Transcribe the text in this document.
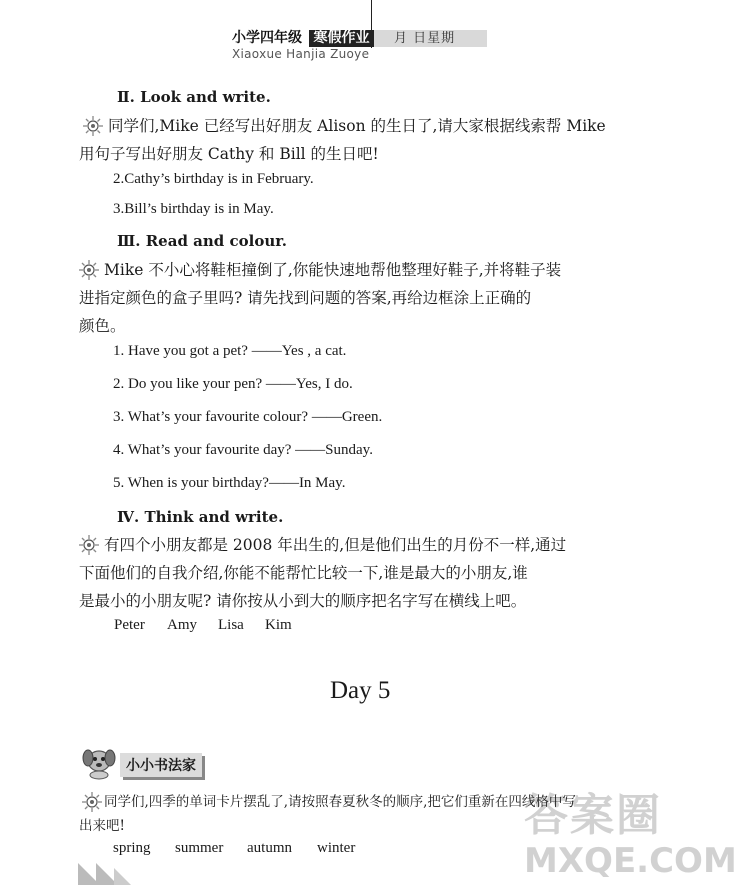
小学四年级 寒假作业	月 日星期
Xiaoxue Hanjia Zuoye
Ⅱ. Look and write.
同学们,Mike 已经写出好朋友 Alison 的生日了,请大家根据线索帮 Mike
用句子写出好朋友 Cathy 和 Bill 的生日吧!
2.Cathy’s birthday is in February.
3.Bill’s birthday is in May.
Ⅲ. Read and colour.
Mike 不小心将鞋柜撞倒了,你能快速地帮他整理好鞋子,并将鞋子装
进指定颜色的盒子里吗? 请先找到问题的答案,再给边框涂上正确的
颜色。
1. Have you got a pet? ——Yes , a cat.
2. Do you like your pen? ——Yes, I do.
3. What’s your favourite colour? ——Green.
4. What’s your favourite day? ——Sunday.
5. When is your birthday?——In May.
Ⅳ. Think and write.
有四个小朋友都是 2008 年出生的,但是他们出生的月份不一样,通过
下面他们的自我介绍,你能不能帮忙比较一下,谁是最大的小朋友,谁
是最小的小朋友呢? 请你按从小到大的顺序把名字写在横线上吧。
Peter Amy Lisa Kim
Day 5
小小书法家
同学们,四季的单词卡片摆乱了,请按照春夏秋冬的顺序,把它们重新在四线格中写
出来吧!
spring summer autumn winter
答案圈
MXQE.COM
